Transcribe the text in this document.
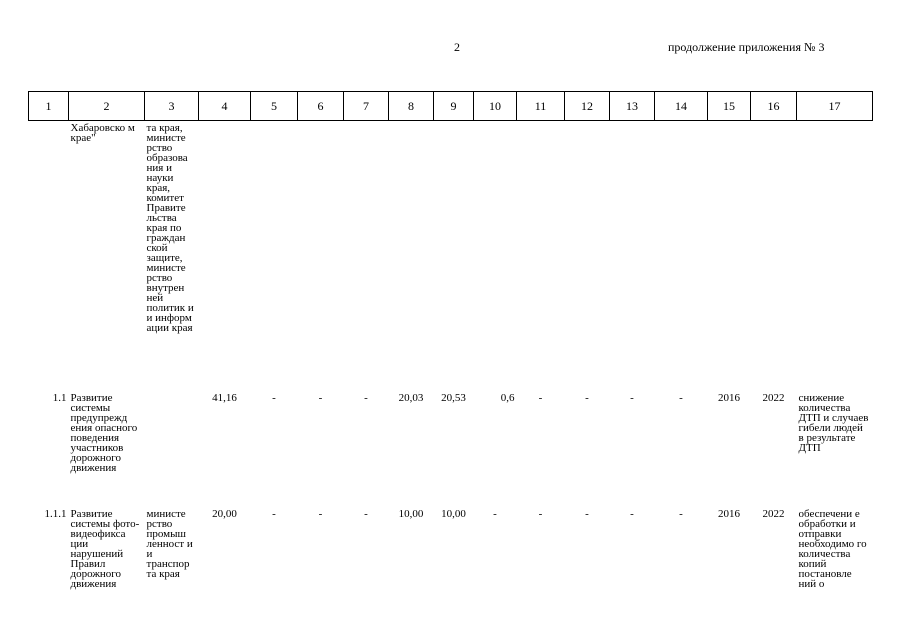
2	продолжение приложения № 3
1	2	3	4	5	6	7	8	9	10	11	12	13	14	15	16	17
	Хабаровско м крае"	та края, министе рство образова ния и науки края, комитет Правите льства края по граждан ской защите, министе рство внутрен ней политик и и информ ации края														
1.1	Развитие системы предупрежд ения опасного поведения участников дорожного движения		41,16	-	-	-	20,03	20,53	0,6	-	-	-	-	2016	2022	снижение количества ДТП и случаев гибели людей в результате ДТП
1.1.1	Развитие системы фото-видеофикса ции нарушений Правил дорожного движения	министе рство промыш ленност и и транспор та края	20,00	-	-	-	10,00	10,00	-	-	-	-	-	2016	2022	обеспечени е обработки и отправки необходимо го количества копий постановле ний о
